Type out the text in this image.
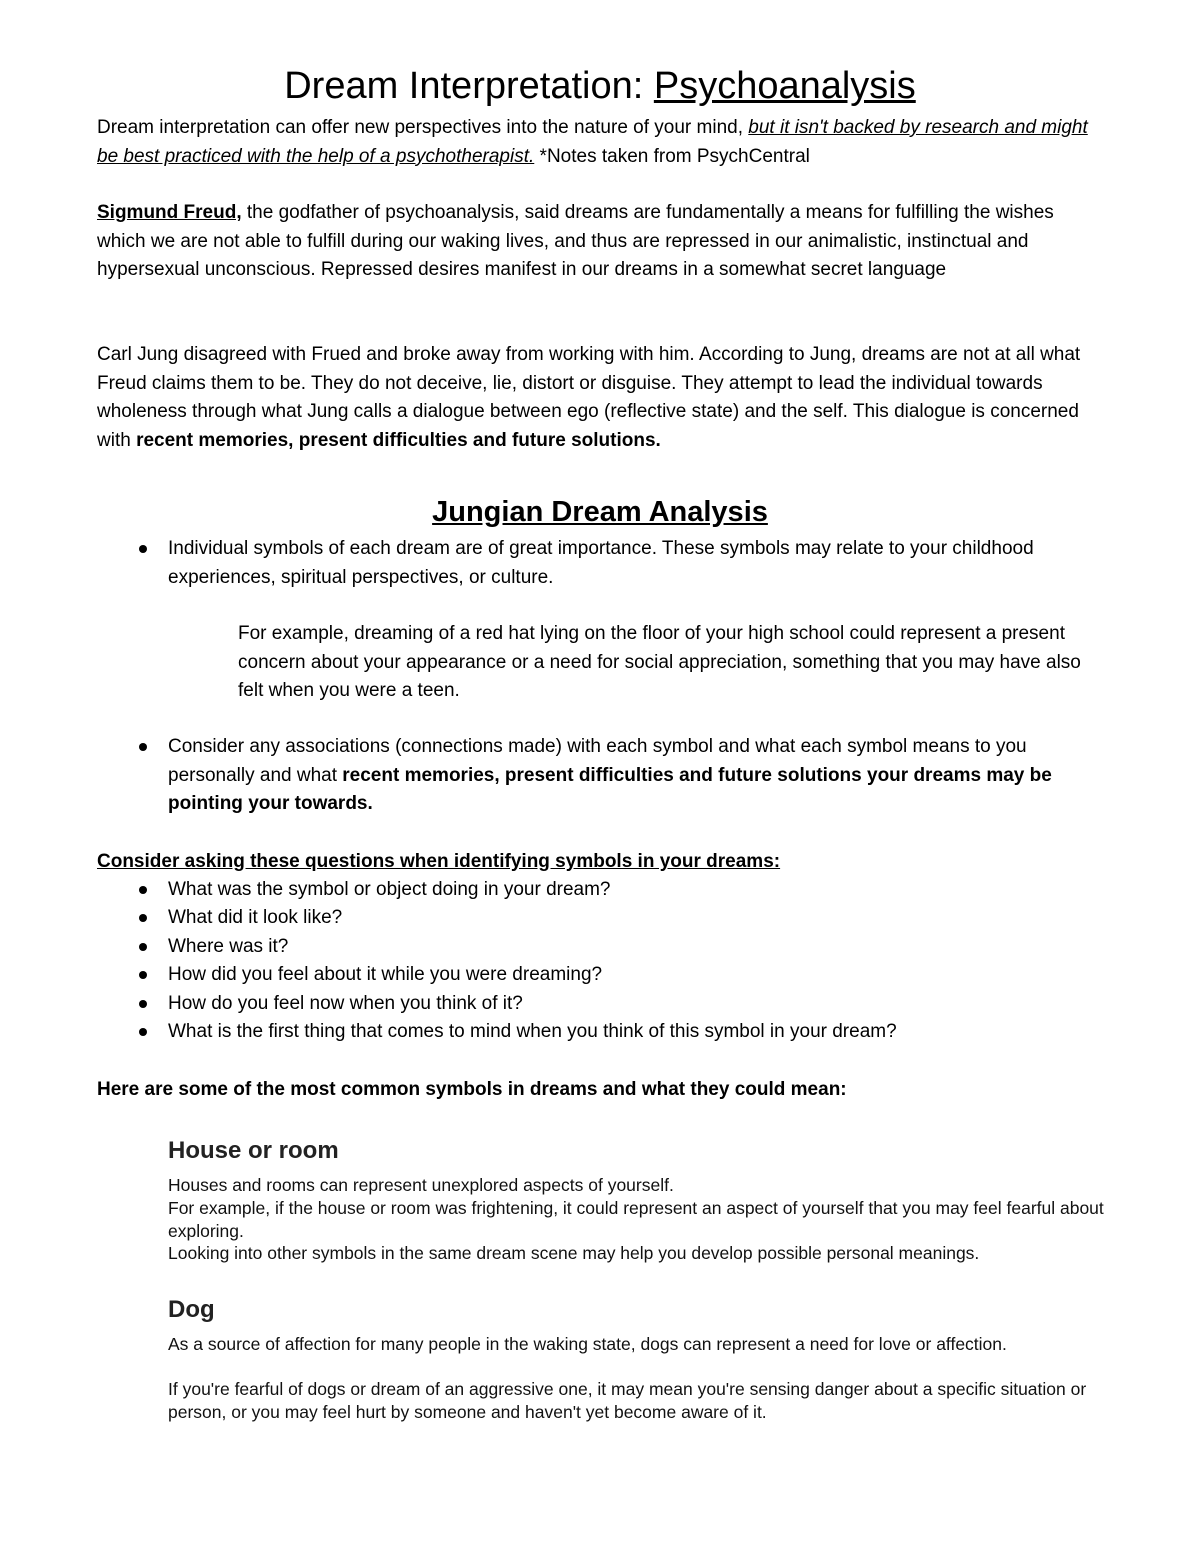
Dream Interpretation: Psychoanalysis
Dream interpretation can offer new perspectives into the nature of your mind, but it isn't backed by research and might be best practiced with the help of a psychotherapist. *Notes taken from PsychCentral
Sigmund Freud, the godfather of psychoanalysis, said dreams are fundamentally a means for fulfilling the wishes which we are not able to fulfill during our waking lives, and thus are repressed in our animalistic, instinctual and hypersexual unconscious. Repressed desires manifest in our dreams in a somewhat secret language
Carl Jung disagreed with Frued and broke away from working with him. According to Jung, dreams are not at all what Freud claims them to be. They do not deceive, lie, distort or disguise. They attempt to lead the individual towards wholeness through what Jung calls a dialogue between ego (reflective state) and the self. This dialogue is concerned with recent memories, present difficulties and future solutions.
Jungian Dream Analysis
Individual symbols of each dream are of great importance. These symbols may relate to your childhood experiences, spiritual perspectives, or culture.
For example, dreaming of a red hat lying on the floor of your high school could represent a present concern about your appearance or a need for social appreciation, something that you may have also felt when you were a teen.
Consider any associations (connections made) with each symbol and what each symbol means to you personally and what recent memories, present difficulties and future solutions your dreams may be pointing your towards.
Consider asking these questions when identifying symbols in your dreams:
What was the symbol or object doing in your dream?
What did it look like?
Where was it?
How did you feel about it while you were dreaming?
How do you feel now when you think of it?
What is the first thing that comes to mind when you think of this symbol in your dream?
Here are some of the most common symbols in dreams and what they could mean:
House or room
Houses and rooms can represent unexplored aspects of yourself.
For example, if the house or room was frightening, it could represent an aspect of yourself that you may feel fearful about exploring.
Looking into other symbols in the same dream scene may help you develop possible personal meanings.
Dog
As a source of affection for many people in the waking state, dogs can represent a need for love or affection.
If you're fearful of dogs or dream of an aggressive one, it may mean you're sensing danger about a specific situation or person, or you may feel hurt by someone and haven't yet become aware of it.
